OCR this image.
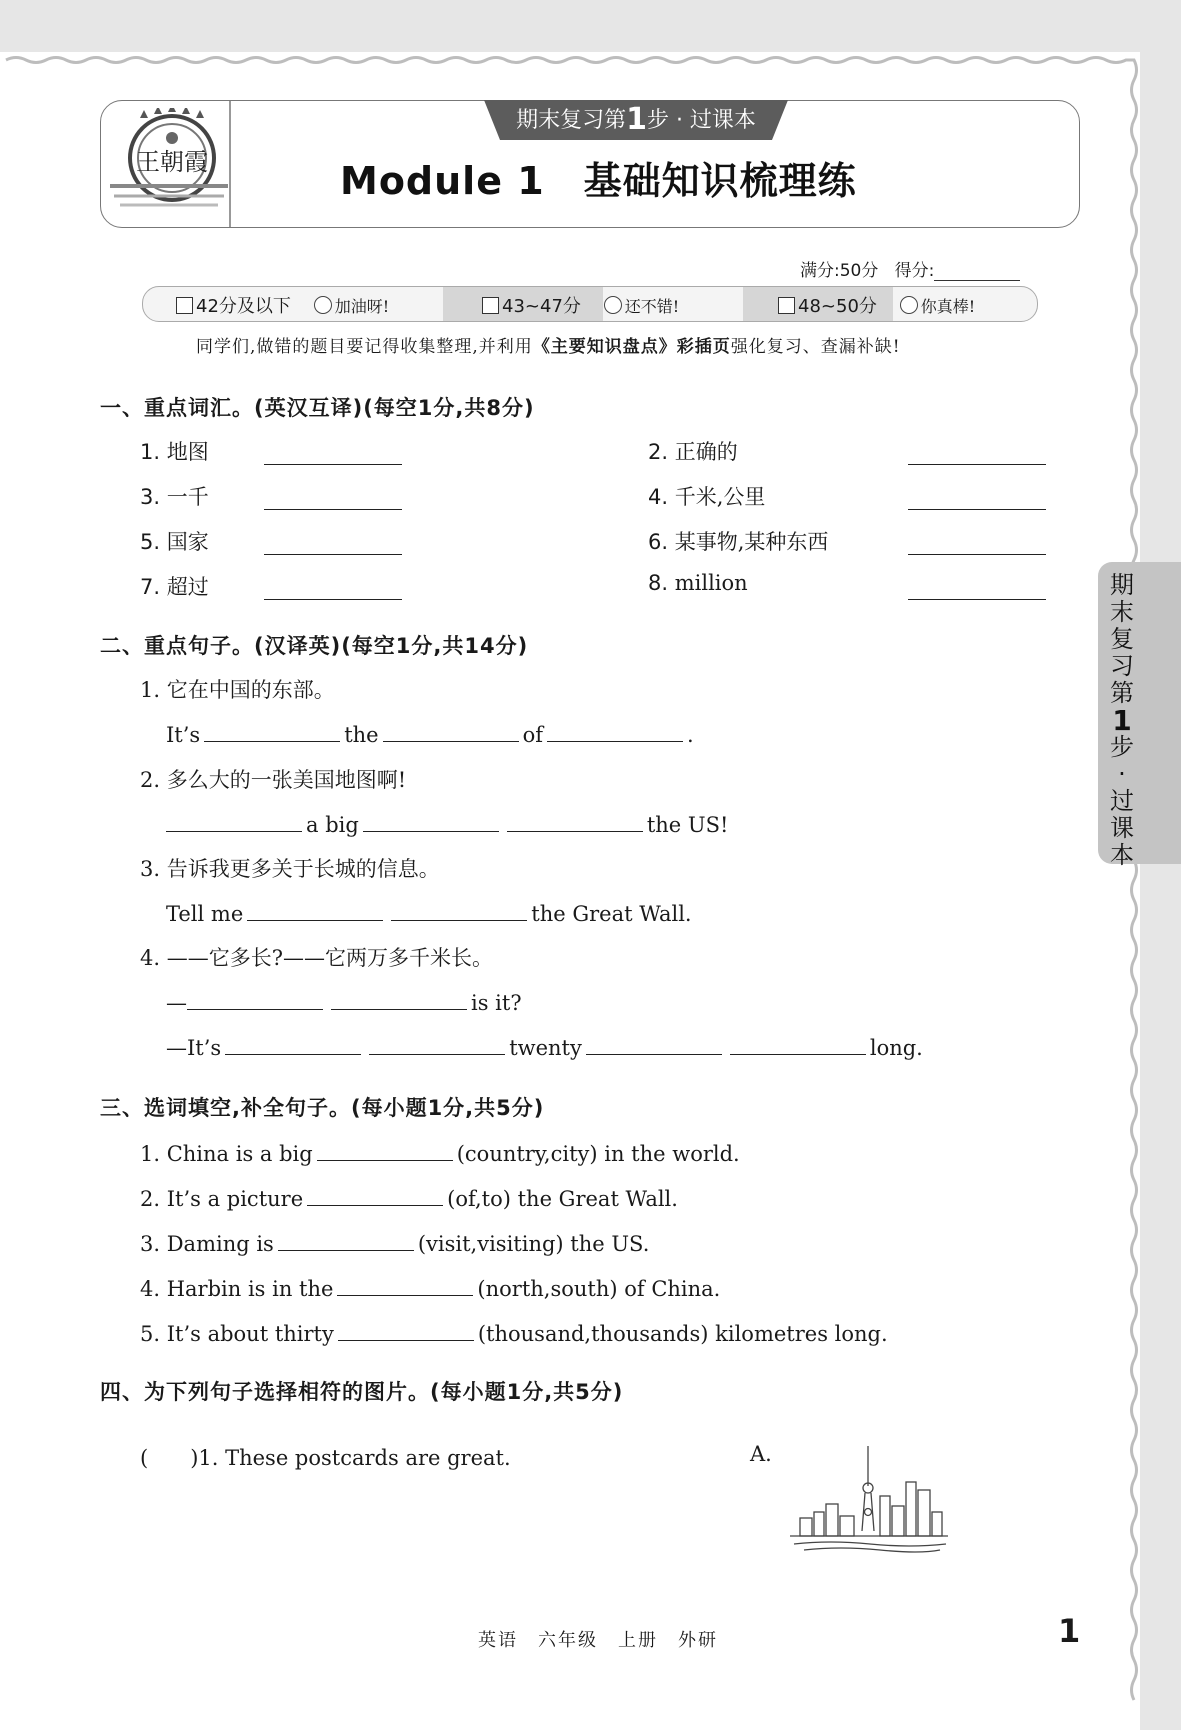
期末复习第1步 · 过课本
王朝霞	Module 1　基础知识梳理练
满分:50分 得分:
42分及以下	加油呀!	43~47分	还不错!	48~50分	你真棒!
同学们,做错的题目要记得收集整理,并利用《主要知识盘点》彩插页强化复习、查漏补缺!
一、重点词汇。(英汉互译)(每空1分,共8分)
1. 地图	2. 正确的
3. 一千	4. 千米,公里
5. 国家	6. 某事物,某种东西
7. 超过	8. million
二、重点句子。(汉译英)(每空1分,共14分)
1. 它在中国的东部。
It’s	the	of	.
2. 多么大的一张美国地图啊!
a big	the US!
3. 告诉我更多关于长城的信息。
Tell me	the Great Wall.
4. ——它多长?——它两万多千米长。
—	is it?
—It’s	twenty	long.
三、选词填空,补全句子。(每小题1分,共5分)
1. China is a big	(country,city) in the world.
2. It’s a picture	(of,to) the Great Wall.
3. Daming is	(visit,visiting) the US.
4. Harbin is in the	(north,south) of China.
5. It’s about thirty	(thousand,thousands) kilometres long.
四、为下列句子选择相符的图片。(每小题1分,共5分)
(　　)1. These postcards are great.	A.
期
末
复
习
第
1
步
·
过
课
本
英语　六年级　上册　外研	1
